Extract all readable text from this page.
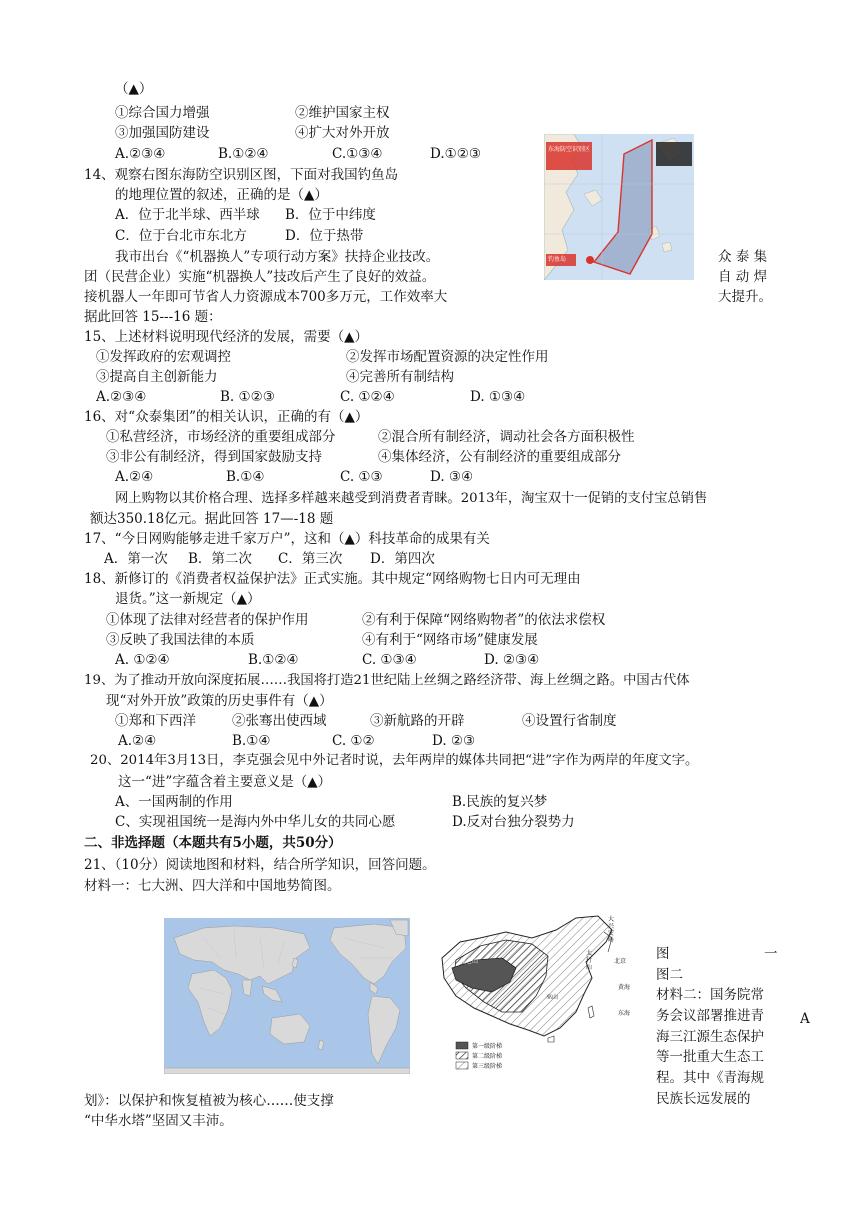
（▲）
①综合国力增强	②维护国家主权
③加强国防建设	④扩大对外开放
A.②③④	B.①②④	C.①③④	D.①②③
14、观察右图东海防空识别区图，下面对我国钓鱼岛
的地理位置的叙述，正确的是（▲）
A．位于北半球、西半球 B．位于中纬度
C．位于台北市东北方	D．位于热带
东海防空识别区
钓鱼岛
我市出台《“机器换人”专项行动方案》扶持企业技改。	众 泰 集
团（民营企业）实施“机器换人”技改后产生了良好的效益。	自 动 焊
接机器人一年即可节省人力资源成本700多万元，工作效率大	大提升。
据此回答 15---16 题：
15、上述材料说明现代经济的发展，需要（▲）
①发挥政府的宏观调控	②发挥市场配置资源的决定性作用
③提高自主创新能力	④完善所有制结构
A.②③④	B. ①②③	C. ①②④	D. ①③④
16、对“众泰集团”的相关认识，正确的有（▲）
①私营经济，市场经济的重要组成部分	②混合所有制经济，调动社会各方面积极性
③非公有制经济，得到国家鼓励支持	④集体经济，公有制经济的重要组成部分
A.②④	B.①④	C. ①③	D. ③④
网上购物以其价格合理、选择多样越来越受到消费者青睐。2013年，淘宝双十一促销的支付宝总销售
额达350.18亿元。据此回答 17—-18 题
17、“今日网购能够走进千家万户”，这和（▲）科技革命的成果有关
A．第一次 B．第二次 C．第三次 D．第四次
18、新修订的《消费者权益保护法》正式实施。其中规定“网络购物七日内可无理由
退货。”这一新规定（▲）
①体现了法律对经营者的保护作用	②有利于保障“网络购物者”的依法求偿权
③反映了我国法律的本质	④有利于“网络市场”健康发展
A. ①②④	B.①②④	C. ①③④	D. ②③④
19、为了推动开放向深度拓展……我国将打造21世纪陆上丝绸之路经济带、海上丝绸之路。中国古代体
现“对外开放”政策的历史事件有（▲）
①郑和下西洋	②张骞出使西域	③新航路的开辟	④设置行省制度
A.②④	B.①④	C. ①②	D. ②③
20、2014年3月13日，李克强会见中外记者时说，去年两岸的媒体共同把“进”字作为两岸的年度文字。
这一“进”字蕴含着主要意义是（▲）
A、一国两制的作用	B.民族的复兴梦
C、实现祖国统一是海内外中华儿女的共同心愿	D.反对台独分裂势力
二、非选择题（本题共有5小题，共50分）
21、（10分）阅读地图和材料，结合所学知识，回答问题。
材料一：七大洲、四大洋和中国地势简图。
大兴安岭
太行山
北京
黄海
东海
昆仑山
巫山
第一级阶梯
第二级阶梯
第三级阶梯
图	一
图二
材料二：国务院常
务会议部署推进青
海三江源生态保护
等一批重大生态工
程。其中《青海规
民族长远发展的
A
划》：以保护和恢复植被为核心……使支撑
“中华水塔”坚固又丰沛。
